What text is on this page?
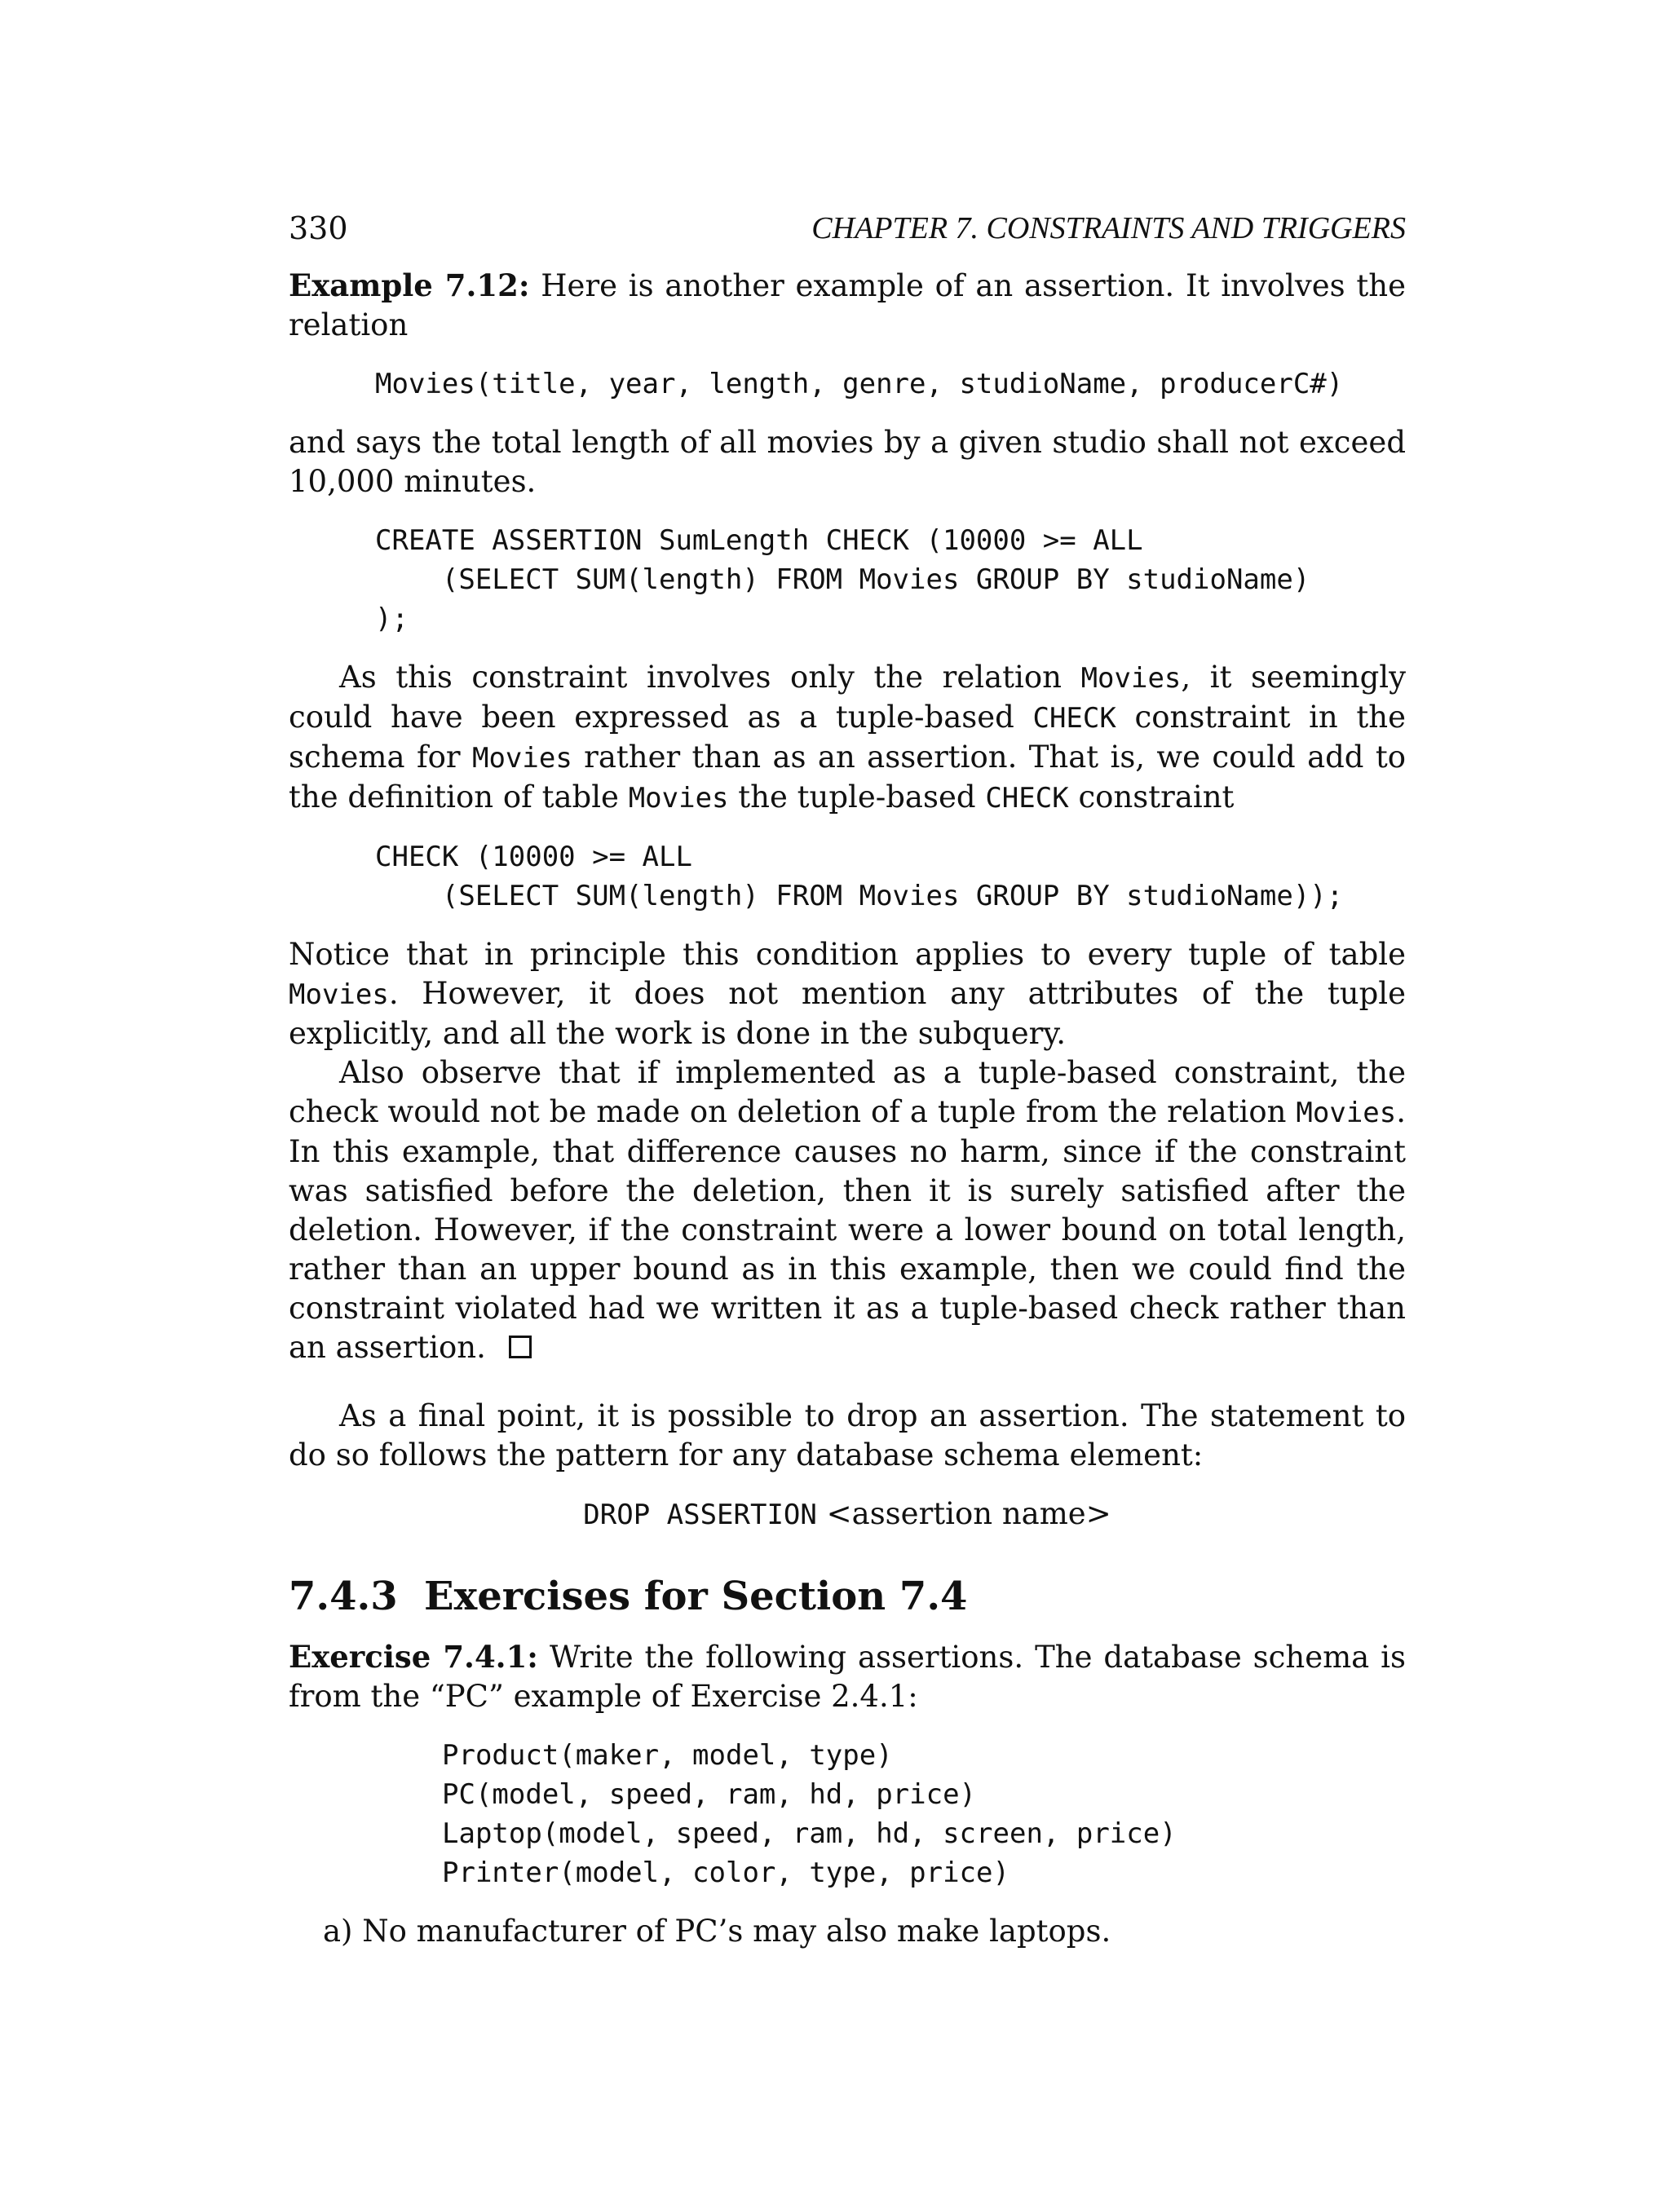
330	CHAPTER 7. CONSTRAINTS AND TRIGGERS

Example 7.12: Here is another example of an assertion. It involves the relation

Movies(title, year, length, genre, studioName, producerC#)

and says the total length of all movies by a given studio shall not exceed 10,000 minutes.

CREATE ASSERTION SumLength CHECK (10000 >= ALL
(SELECT SUM(length) FROM Movies GROUP BY studioName)
);

As this constraint involves only the relation Movies, it seemingly could have been expressed as a tuple-based CHECK constraint in the schema for Movies rather than as an assertion. That is, we could add to the definition of table Movies the tuple-based CHECK constraint

CHECK (10000 >= ALL
(SELECT SUM(length) FROM Movies GROUP BY studioName));

Notice that in principle this condition applies to every tuple of table Movies. However, it does not mention any attributes of the tuple explicitly, and all the work is done in the subquery.

Also observe that if implemented as a tuple-based constraint, the check would not be made on deletion of a tuple from the relation Movies. In this example, that difference causes no harm, since if the constraint was satisfied before the deletion, then it is surely satisfied after the deletion. However, if the constraint were a lower bound on total length, rather than an upper bound as in this example, then we could find the constraint violated had we written it as a tuple-based check rather than an assertion.

As a final point, it is possible to drop an assertion. The statement to do so follows the pattern for any database schema element:

DROP ASSERTION <assertion name>

7.4.3 Exercises for Section 7.4

Exercise 7.4.1: Write the following assertions. The database schema is from the “PC” example of Exercise 2.4.1:

Product(maker, model, type)
PC(model, speed, ram, hd, price)
Laptop(model, speed, ram, hd, screen, price)
Printer(model, color, type, price)

a) No manufacturer of PC’s may also make laptops.
